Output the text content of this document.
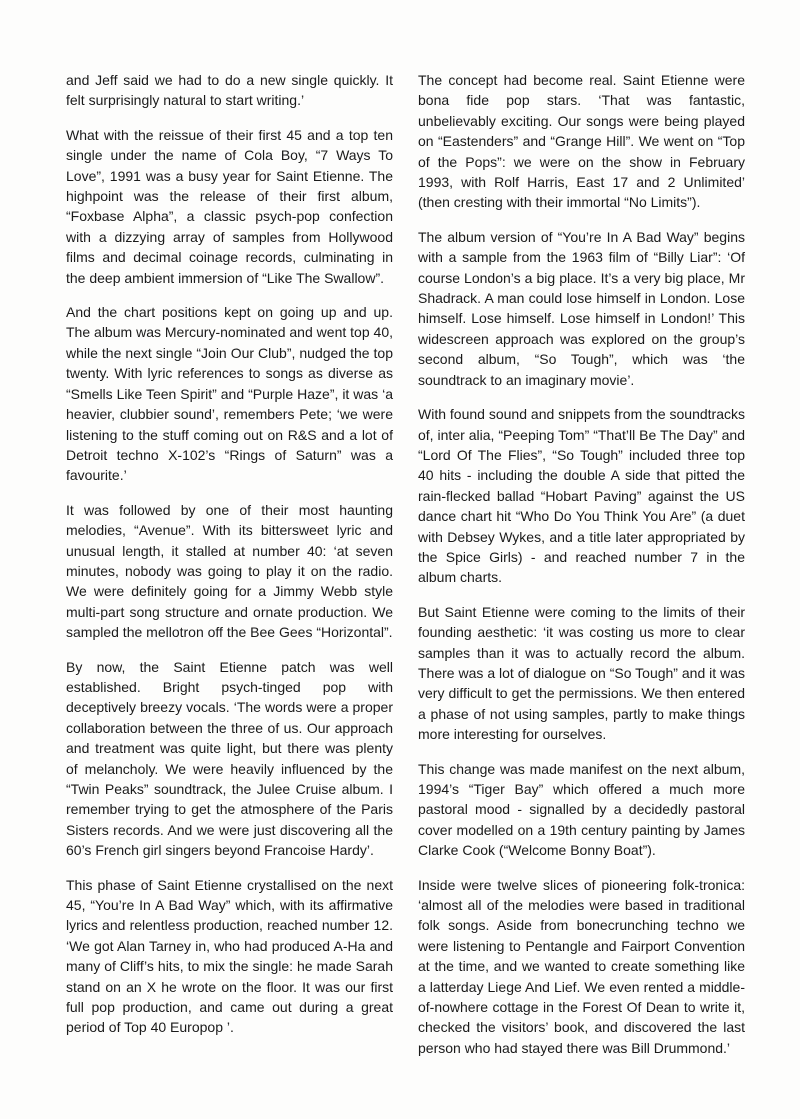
and Jeff said we had to do a new single quickly. It felt surprisingly natural to start writing.’

What with the reissue of their first 45 and a top ten single under the name of Cola Boy, “7 Ways To Love”, 1991 was a busy year for Saint Etienne. The highpoint was the release of their first album, “Foxbase Alpha”, a classic psych-pop confection with a dizzying array of samples from Hollywood films and decimal coinage records, culminating in the deep ambient immersion of “Like The Swallow”.

And the chart positions kept on going up and up. The album was Mercury-nominated and went top 40, while the next single “Join Our Club”, nudged the top twenty. With lyric references to songs as diverse as “Smells Like Teen Spirit” and “Purple Haze”, it was ‘a heavier, clubbier sound’, remembers Pete; ‘we were listening to the stuff coming out on R&S and a lot of Detroit techno X-102’s “Rings of Saturn” was a favourite.’

It was followed by one of their most haunting melodies, “Avenue”. With its bittersweet lyric and unusual length, it stalled at number 40: ‘at seven minutes, nobody was going to play it on the radio. We were definitely going for a Jimmy Webb style multi-part song structure and ornate production. We sampled the mellotron off the Bee Gees “Horizontal”.

By now, the Saint Etienne patch was well established. Bright psych-tinged pop with deceptively breezy vocals. ‘The words were a proper collaboration between the three of us. Our approach and treatment was quite light, but there was plenty of melancholy. We were heavily influenced by the “Twin Peaks” soundtrack, the Julee Cruise album. I remember trying to get the atmosphere of the Paris Sisters records. And we were just discovering all the 60’s French girl singers beyond Francoise Hardy’.

This phase of Saint Etienne crystallised on the next 45, “You’re In A Bad Way” which, with its affirmative lyrics and relentless production, reached number 12. ‘We got Alan Tarney in, who had produced A-Ha and many of Cliff’s hits, to mix the single: he made Sarah stand on an X he wrote on the floor. It was our first full pop production, and came out during a great period of Top 40 Europop ’.

The concept had become real. Saint Etienne were bona fide pop stars. ‘That was fantastic, unbelievably exciting. Our songs were being played on “Eastenders” and “Grange Hill”. We went on “Top of the Pops”: we were on the show in February 1993, with Rolf Harris, East 17 and 2 Unlimited’ (then cresting with their immortal “No Limits”).

The album version of “You’re In A Bad Way” begins with a sample from the 1963 film of “Billy Liar”: ‘Of course London’s a big place. It’s a very big place, Mr Shadrack. A man could lose himself in London. Lose himself. Lose himself. Lose himself in London!’ This widescreen approach was explored on the group’s second album, “So Tough”, which was ‘the soundtrack to an imaginary movie’.

With found sound and snippets from the soundtracks of, inter alia, “Peeping Tom” “That’ll Be The Day” and “Lord Of The Flies”, “So Tough” included three top 40 hits - including the double A side that pitted the rain-flecked ballad “Hobart Paving” against the US dance chart hit “Who Do You Think You Are” (a duet with Debsey Wykes, and a title later appropriated by the Spice Girls) - and reached number 7 in the album charts.

But Saint Etienne were coming to the limits of their founding aesthetic: ‘it was costing us more to clear samples than it was to actually record the album. There was a lot of dialogue on “So Tough” and it was very difficult to get the permissions. We then entered a phase of not using samples, partly to make things more interesting for ourselves.

This change was made manifest on the next album, 1994’s “Tiger Bay” which offered a much more pastoral mood - signalled by a decidedly pastoral cover modelled on a 19th century painting by James Clarke Cook (“Welcome Bonny Boat”).

Inside were twelve slices of pioneering folk-tronica: ‘almost all of the melodies were based in traditional folk songs. Aside from bonecrunching techno we were listening to Pentangle and Fairport Convention at the time, and we wanted to create something like a latterday Liege And Lief. We even rented a middle-of-nowhere cottage in the Forest Of Dean to write it, checked the visitors’ book, and discovered the last person who had stayed there was Bill Drummond.’
